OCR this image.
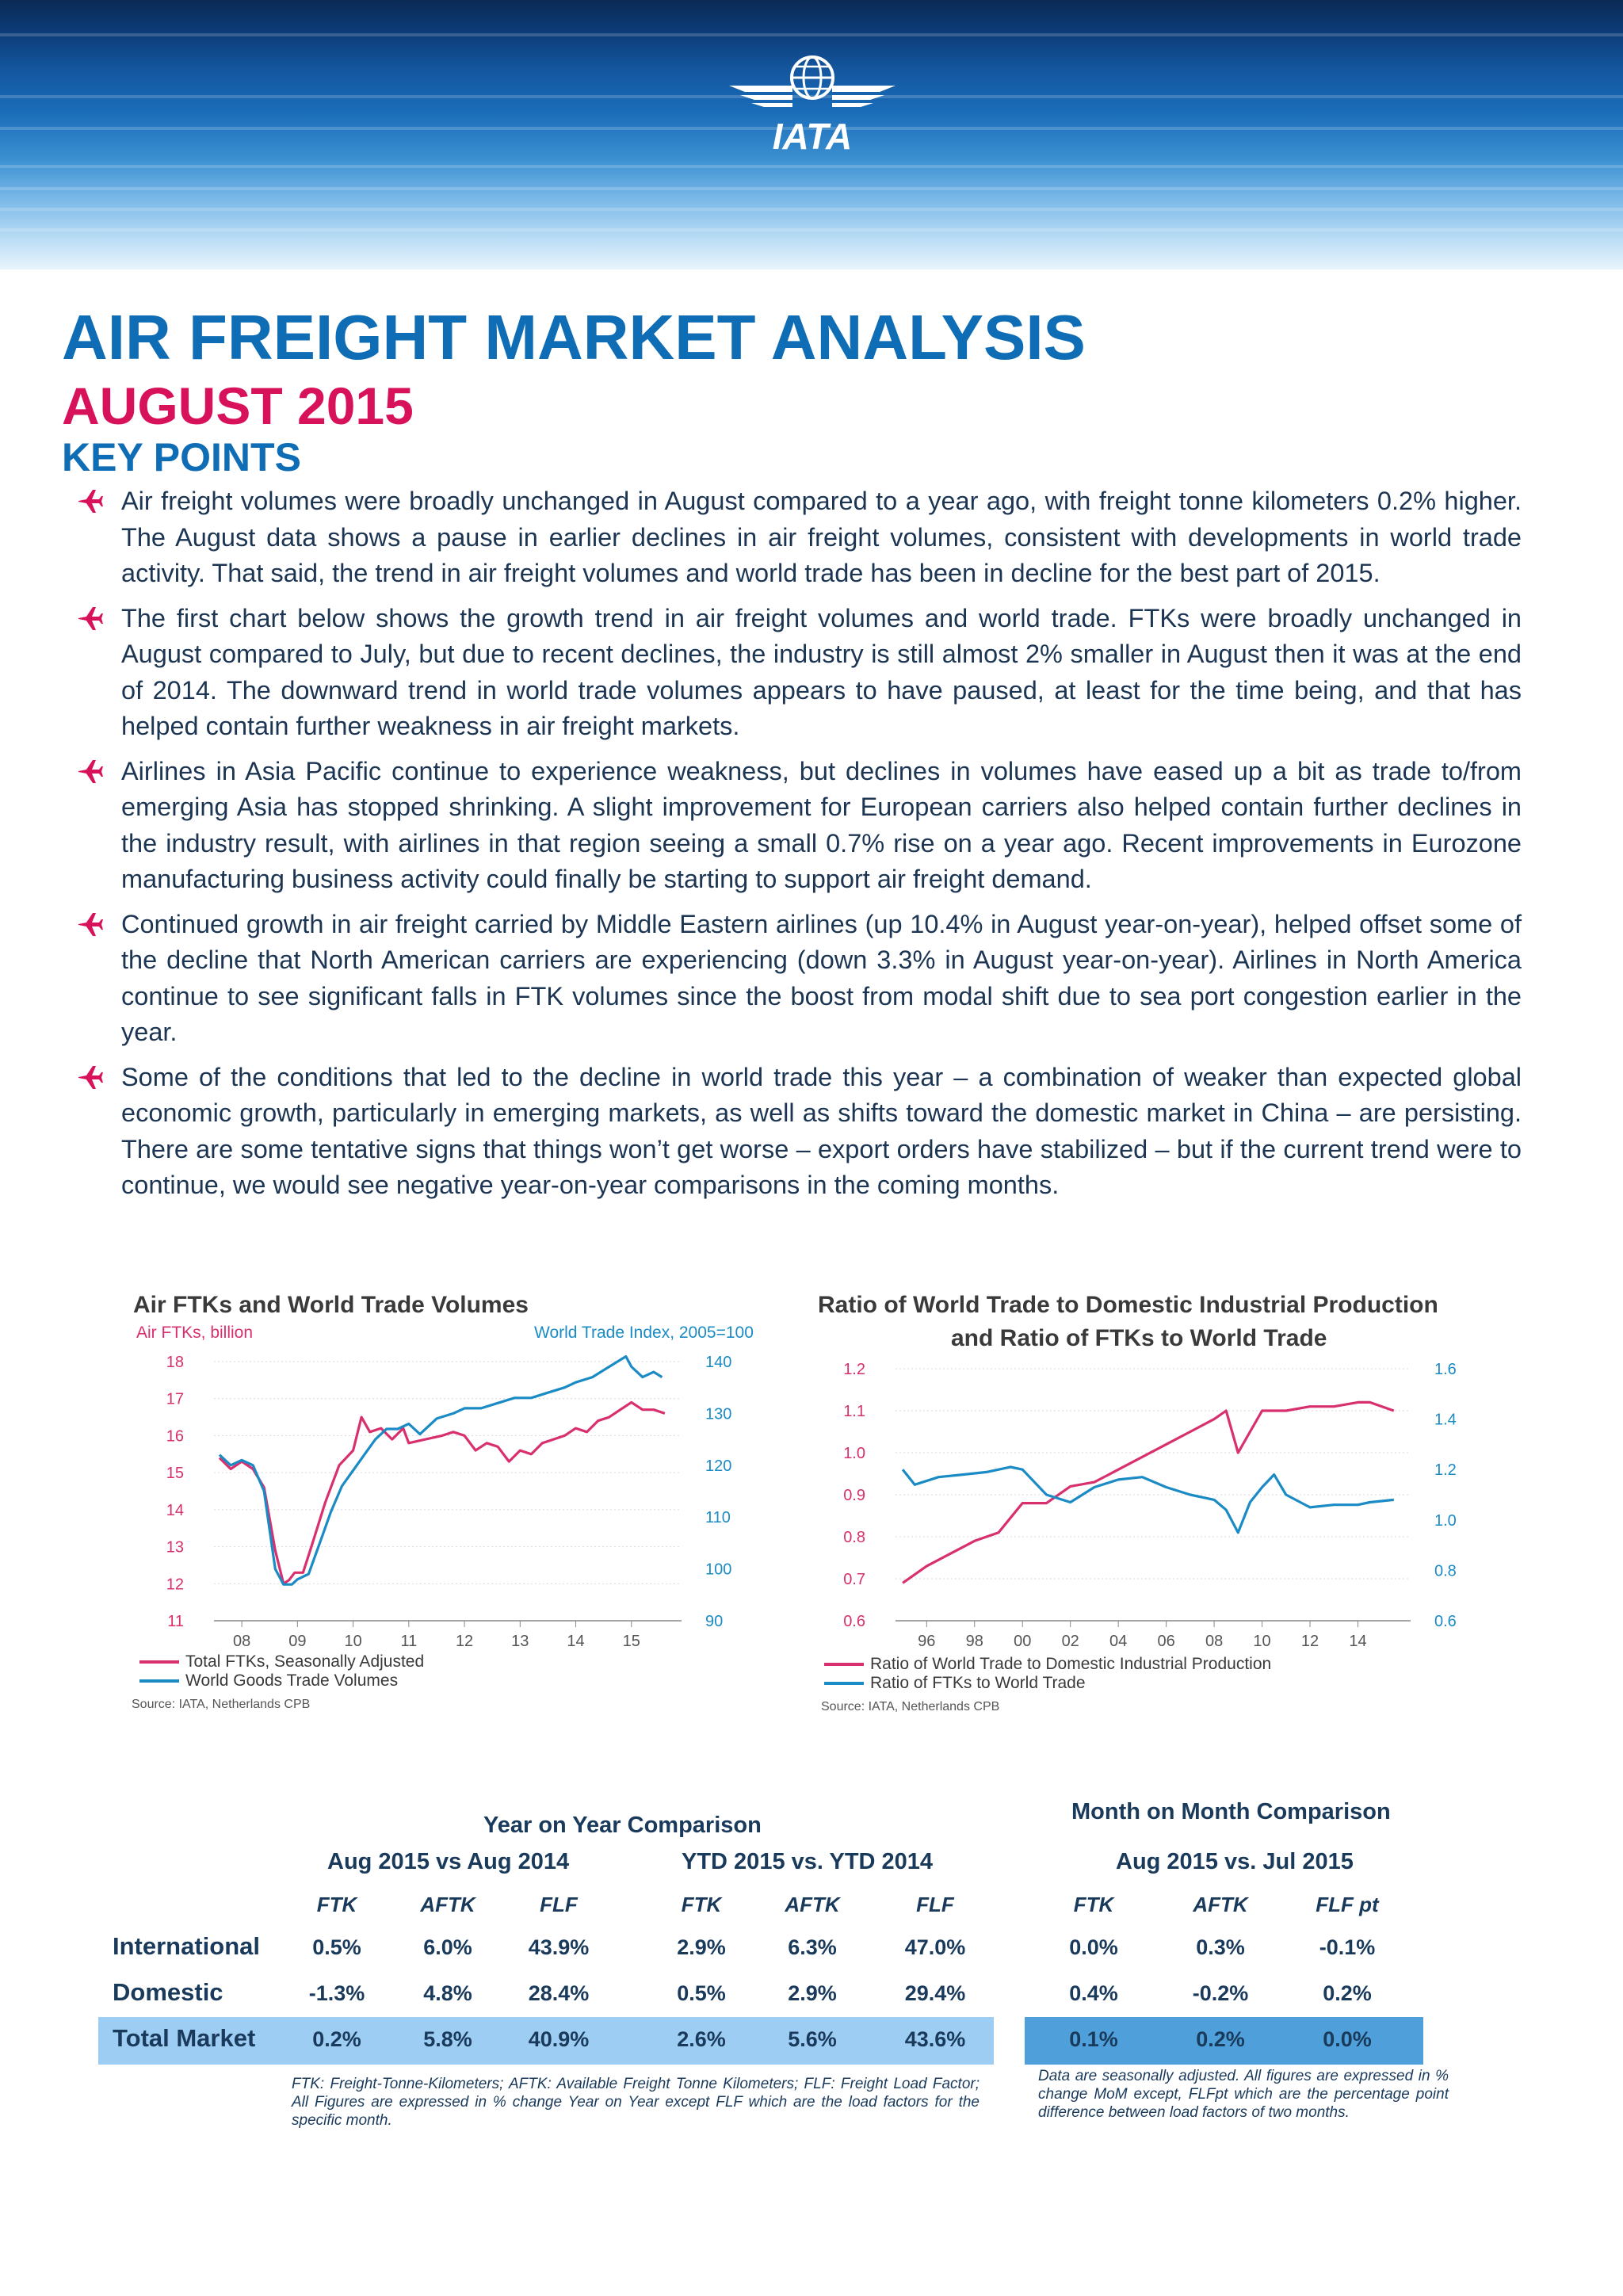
IATA
AIR FREIGHT MARKET ANALYSIS
AUGUST 2015
KEY POINTS
Air freight volumes were broadly unchanged in August compared to a year ago, with freight tonne kilometers 0.2% higher. The August data shows a pause in earlier declines in air freight volumes, consistent with developments in world trade activity. That said, the trend in air freight volumes and world trade has been in decline for the best part of 2015.
The first chart below shows the growth trend in air freight volumes and world trade. FTKs were broadly unchanged in August compared to July, but due to recent declines, the industry is still almost 2% smaller in August then it was at the end of 2014. The downward trend in world trade volumes appears to have paused, at least for the time being, and that has helped contain further weakness in air freight markets.
Airlines in Asia Pacific continue to experience weakness, but declines in volumes have eased up a bit as trade to/from emerging Asia has stopped shrinking. A slight improvement for European carriers also helped contain further declines in the industry result, with airlines in that region seeing a small 0.7% rise on a year ago. Recent improvements in Eurozone manufacturing business activity could finally be starting to support air freight demand.
Continued growth in air freight carried by Middle Eastern airlines (up 10.4% in August year-on-year), helped offset some of the decline that North American carriers are experiencing (down 3.3% in August year-on-year). Airlines in North America continue to see significant falls in FTK volumes since the boost from modal shift due to sea port congestion earlier in the year.
Some of the conditions that led to the decline in world trade this year – a combination of weaker than expected global economic growth, particularly in emerging markets, as well as shifts toward the domestic market in China – are persisting. There are some tentative signs that things won’t get worse – export orders have stabilized – but if the current trend were to continue, we would see negative year-on-year comparisons in the coming months.
Air FTKs and World Trade Volumes
Air FTKs, billion	World Trade Index, 2005=100
18
17
16
15
14
13
12
11
140
130
120
110
100
90
08 09 10 11 12 13 14 15
Total FTKs, Seasonally Adjusted
World Goods Trade Volumes
Source: IATA, Netherlands CPB
Ratio of World Trade to Domestic Industrial Production
and Ratio of FTKs to World Trade
1.2
1.1
1.0
0.9
0.8
0.7
0.6
1.6
1.4
1.2
1.0
0.8
0.6
96 98 00 02 04 06 08 10 12 14
Ratio of World Trade to Domestic Industrial Production
Ratio of FTKs to World Trade
Source: IATA, Netherlands CPB
Year on Year Comparison
Month on Month Comparison
Aug 2015 vs Aug 2014	YTD 2015 vs. YTD 2014	Aug 2015 vs. Jul 2015
FTK	AFTK	FLF	FTK	AFTK	FLF	FTK	AFTK	FLF pt
International	0.5%	6.0%	43.9%	2.9%	6.3%	47.0%	0.0%	0.3%	-0.1%
Domestic	-1.3%	4.8%	28.4%	0.5%	2.9%	29.4%	0.4%	-0.2%	0.2%
Total Market	0.2%	5.8%	40.9%	2.6%	5.6%	43.6%	0.1%	0.2%	0.0%
FTK: Freight-Tonne-Kilometers; AFTK: Available Freight Tonne Kilometers; FLF: Freight Load Factor; All Figures are expressed in % change Year on Year except FLF which are the load factors for the specific month.
Data are seasonally adjusted. All figures are expressed in % change MoM except, FLFpt which are the percentage point difference between load factors of two months.
